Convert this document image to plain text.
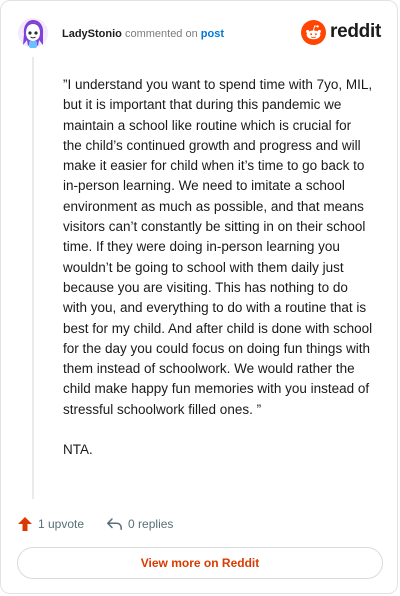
LadyStonio commented on post	reddit

”I understand you want to spend time with 7yo, MIL, but it is important that during this pandemic we maintain a school like routine which is crucial for the child’s continued growth and progress and will make it easier for child when it’s time to go back to in-person learning. We need to imitate a school environment as much as possible, and that means visitors can’t constantly be sitting in on their school time. If they were doing in-person learning you wouldn’t be going to school with them daily just because you are visiting. This has nothing to do with you, and everything to do with a routine that is best for my child. And after child is done with school for the day you could focus on doing fun things with them instead of schoolwork. We would rather the child make happy fun memories with you instead of stressful schoolwork filled ones. ”

NTA.

1 upvote	0 replies
View more on Reddit
